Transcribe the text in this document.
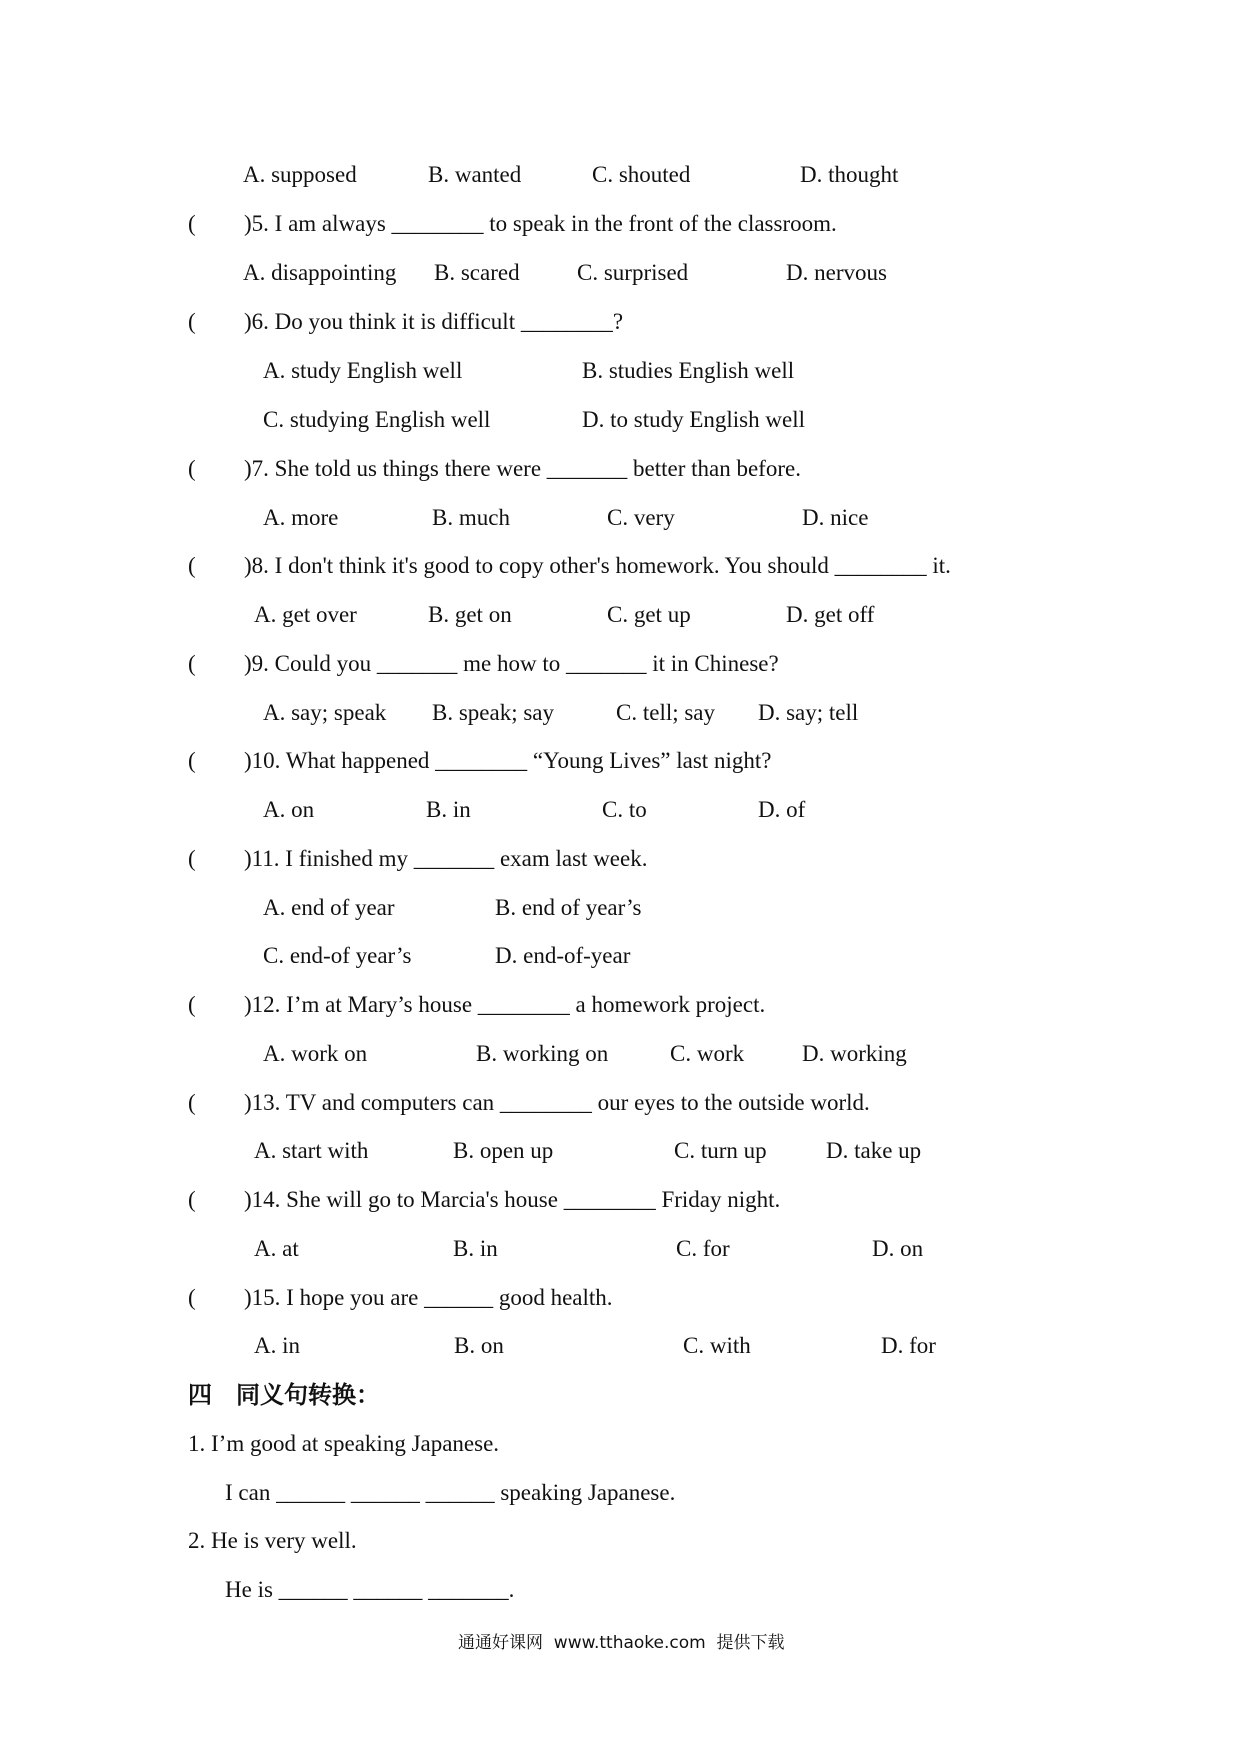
A. supposed	B. wanted	C. shouted	D. thought
( )5. I am always ________ to speak in the front of the classroom.
A. disappointing B. scared C. surprised	D. nervous
( )6. Do you think it is difficult ________?
A. study English well	B. studies English well
C. studying English well	D. to study English well
( )7. She told us things there were _______ better than before.
A. more	B. much	C. very	D. nice
( )8. I don't think it's good to copy other's homework. You should ________ it.
A. get over	B. get on	C. get up	D. get off
( )9. Could you _______ me how to _______ it in Chinese?
A. say; speak B. speak; say	C. tell; say D. say; tell
( )10. What happened ________ “Young Lives” last night?
A. on	B. in	C. to	D. of
( )11. I finished my _______ exam last week.
A. end of year	B. end of year’s
C. end-of year’s	D. end-of-year
( )12. I’m at Mary’s house ________ a homework project.
A. work on	B. working on	C. work	D. working
( )13. TV and computers can ________ our eyes to the outside world.
A. start with	B. open up	C. turn up	D. take up
( )14. She will go to Marcia's house ________ Friday night.
A. at	B. in	C. for	D. on
( )15. I hope you are ______ good health.
A. in	B. on	C. with	D. for
四　同义句转换：
1. I’m good at speaking Japanese.
I can ______ ______ ______ speaking Japanese.
2. He is very well.
He is ______ ______ _______.
通通好课网  www.tthaoke.com  提供下载
